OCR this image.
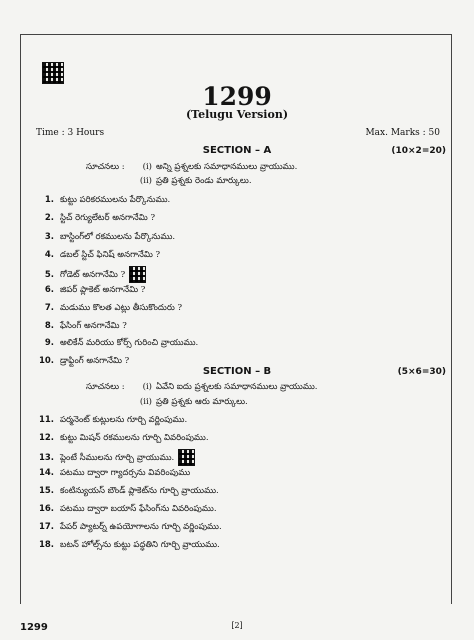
1299
(Telugu Version)
Time : 3 Hours	Max. Marks : 50
SECTION – A	(10×2=20)
సూచనలు : (i) అన్ని ప్రశ్నలకు సమాధానములు వ్రాయుము.
(ii) ప్రతి ప్రశ్నకు రెండు మార్కులు.
1. కుట్టు పరికరములను పేర్కొనుము.
2. స్టిచ్ రెగ్యులేటర్ అనగానేమి ?
3. బాస్టింగ్‌లో రకములను పేర్కొనుము.
4. డబల్ స్టిచ్ ఫినిష్ అనగానేమి ?
5. గోడెట్ అనగానేమి ?
6. జిపర్ ప్లాకెట్ అనగానేమి ?
7. మడుము కొలత ఎట్లు తీసుకొందురు ?
8. ఫేసింగ్ అనగానేమి ?
9. అలికేన్ మరియు కోర్స్ గురించి వ్రాయుము.
10. డ్రాఫ్టింగ్ అనగానేమి ?
SECTION – B	(5×6=30)
సూచనలు : (i) ఏవేని ఐదు ప్రశ్నలకు సమాధానములు వ్రాయుము.
(ii) ప్రతి ప్రశ్నకు ఆరు మార్కులు.
11. పర్మనెంట్ కుట్లులను గూర్చి వర్ణింపుము.
12. కుట్టు మిషన్ రకములను గూర్చి వివరింపుము.
13. ప్లెంటే సీములను గూర్చి వ్రాయుము.
14. పటము ద్వారా గ్యాదర్సను వివరింపుము
15. కంటిన్యుయస్ బౌండ్ ప్లాకెట్‌ను గూర్చి వ్రాయుము.
16. పటము ద్వారా బయాస్ ఫేసింగ్‌ను వివరింపుము.
17. పేపర్ ప్యాటర్న్ ఉపయోగాలను గూర్చి వర్ణింపుము.
18. బటన్ హోల్స్‌ను కుట్టు పద్ధతిని గూర్చి వ్రాయుము.
1299	[2]
